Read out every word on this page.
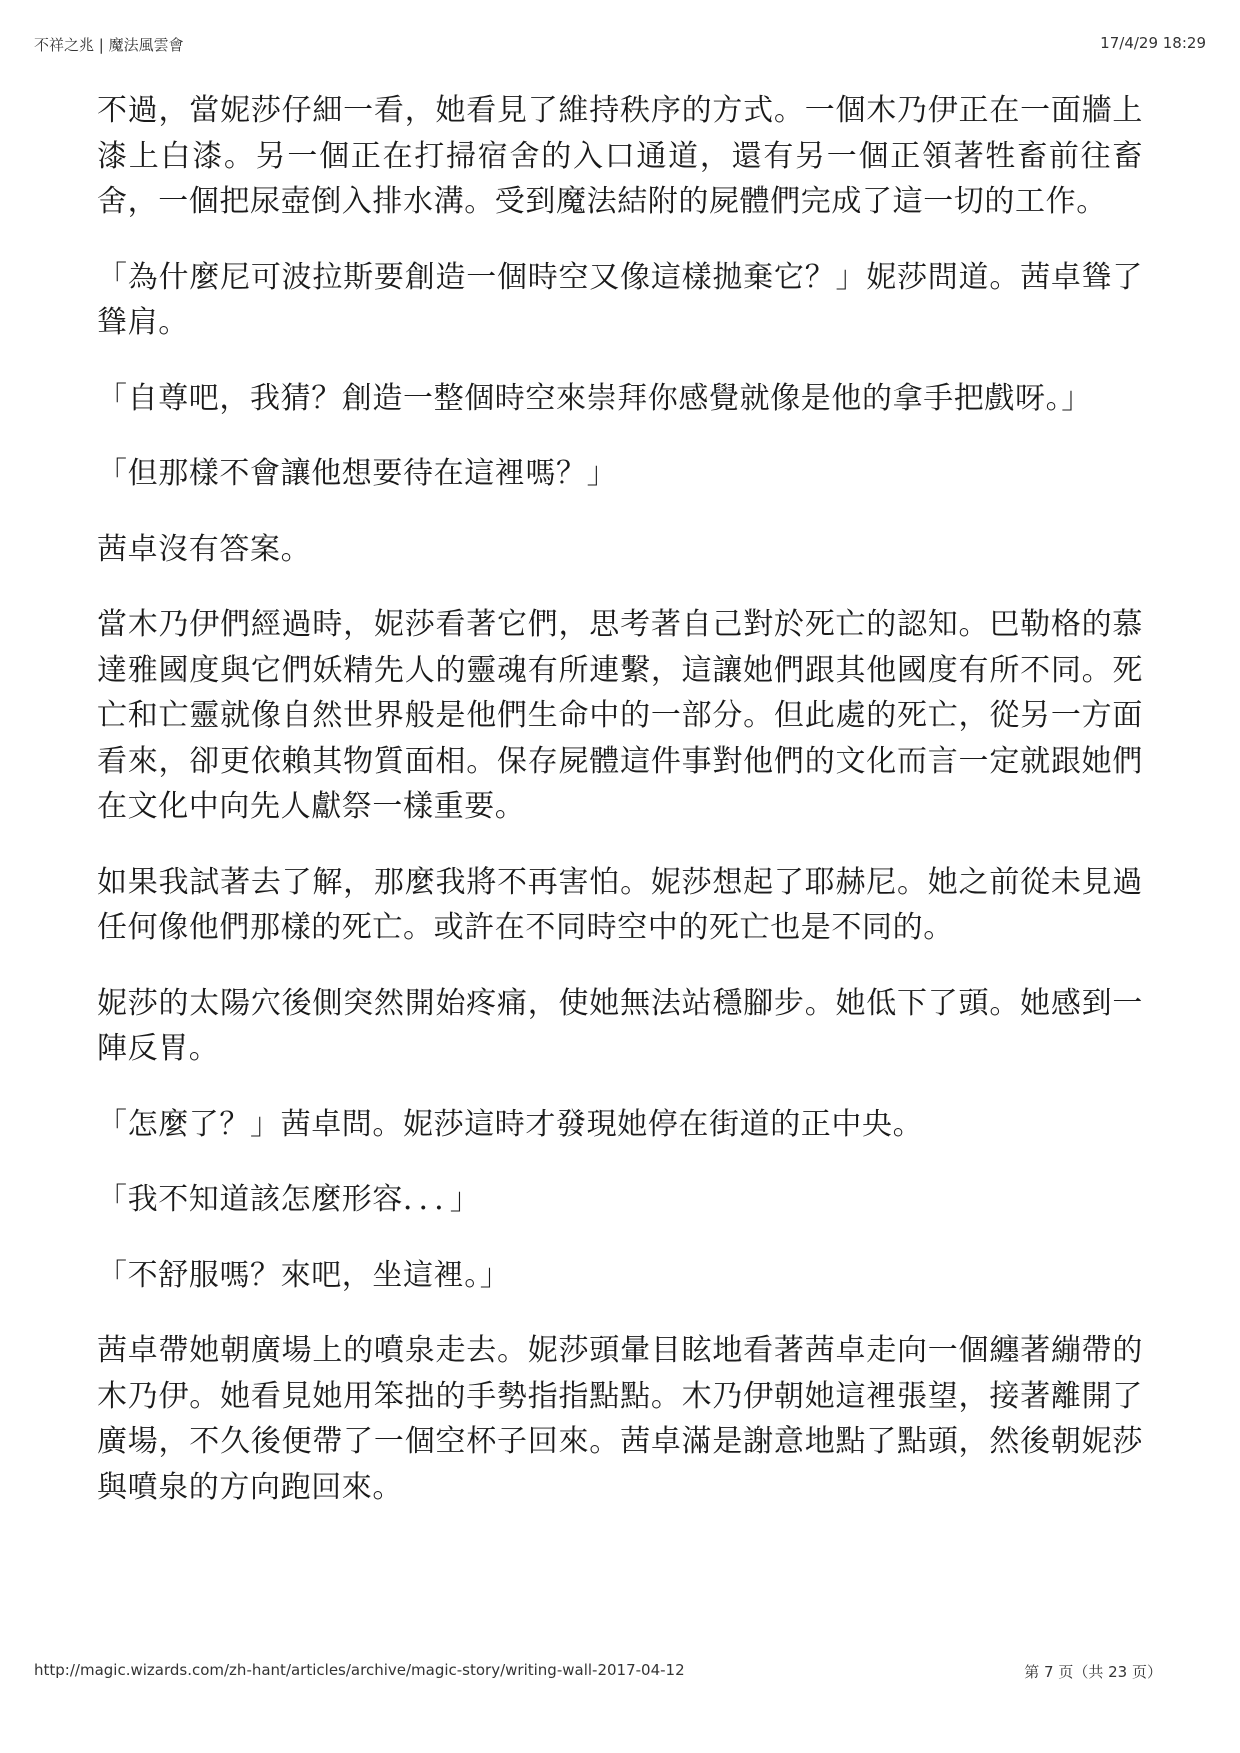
不祥之兆 | 魔法風雲會	17/4/29 18:29

不過，當妮莎仔細一看，她看見了維持秩序的方式。一個木乃伊正在一面牆上漆上白漆。另一個正在打掃宿舍的入口通道，還有另一個正領著牲畜前往畜舍，一個把尿壺倒入排水溝。受到魔法結附的屍體們完成了這一切的工作。

「為什麼尼可波拉斯要創造一個時空又像這樣拋棄它？」妮莎問道。茜卓聳了聳肩。

「自尊吧，我猜？創造一整個時空來崇拜你感覺就像是他的拿手把戲呀。」

「但那樣不會讓他想要待在這裡嗎？」

茜卓沒有答案。

當木乃伊們經過時，妮莎看著它們，思考著自己對於死亡的認知。巴勒格的慕達雅國度與它們妖精先人的靈魂有所連繫，這讓她們跟其他國度有所不同。死亡和亡靈就像自然世界般是他們生命中的一部分。但此處的死亡，從另一方面看來，卻更依賴其物質面相。保存屍體這件事對他們的文化而言一定就跟她們在文化中向先人獻祭一樣重要。

如果我試著去了解，那麼我將不再害怕。妮莎想起了耶赫尼。她之前從未見過任何像他們那樣的死亡。或許在不同時空中的死亡也是不同的。

妮莎的太陽穴後側突然開始疼痛，使她無法站穩腳步。她低下了頭。她感到一陣反胃。

「怎麼了？」茜卓問。妮莎這時才發現她停在街道的正中央。

「我不知道該怎麼形容．．．」

「不舒服嗎？來吧，坐這裡。」

茜卓帶她朝廣場上的噴泉走去。妮莎頭暈目眩地看著茜卓走向一個纏著繃帶的木乃伊。她看見她用笨拙的手勢指指點點。木乃伊朝她這裡張望，接著離開了廣場，不久後便帶了一個空杯子回來。茜卓滿是謝意地點了點頭，然後朝妮莎與噴泉的方向跑回來。

http://magic.wizards.com/zh-hant/articles/archive/magic-story/writing-wall-2017-04-12	第 7 页（共 23 页）
